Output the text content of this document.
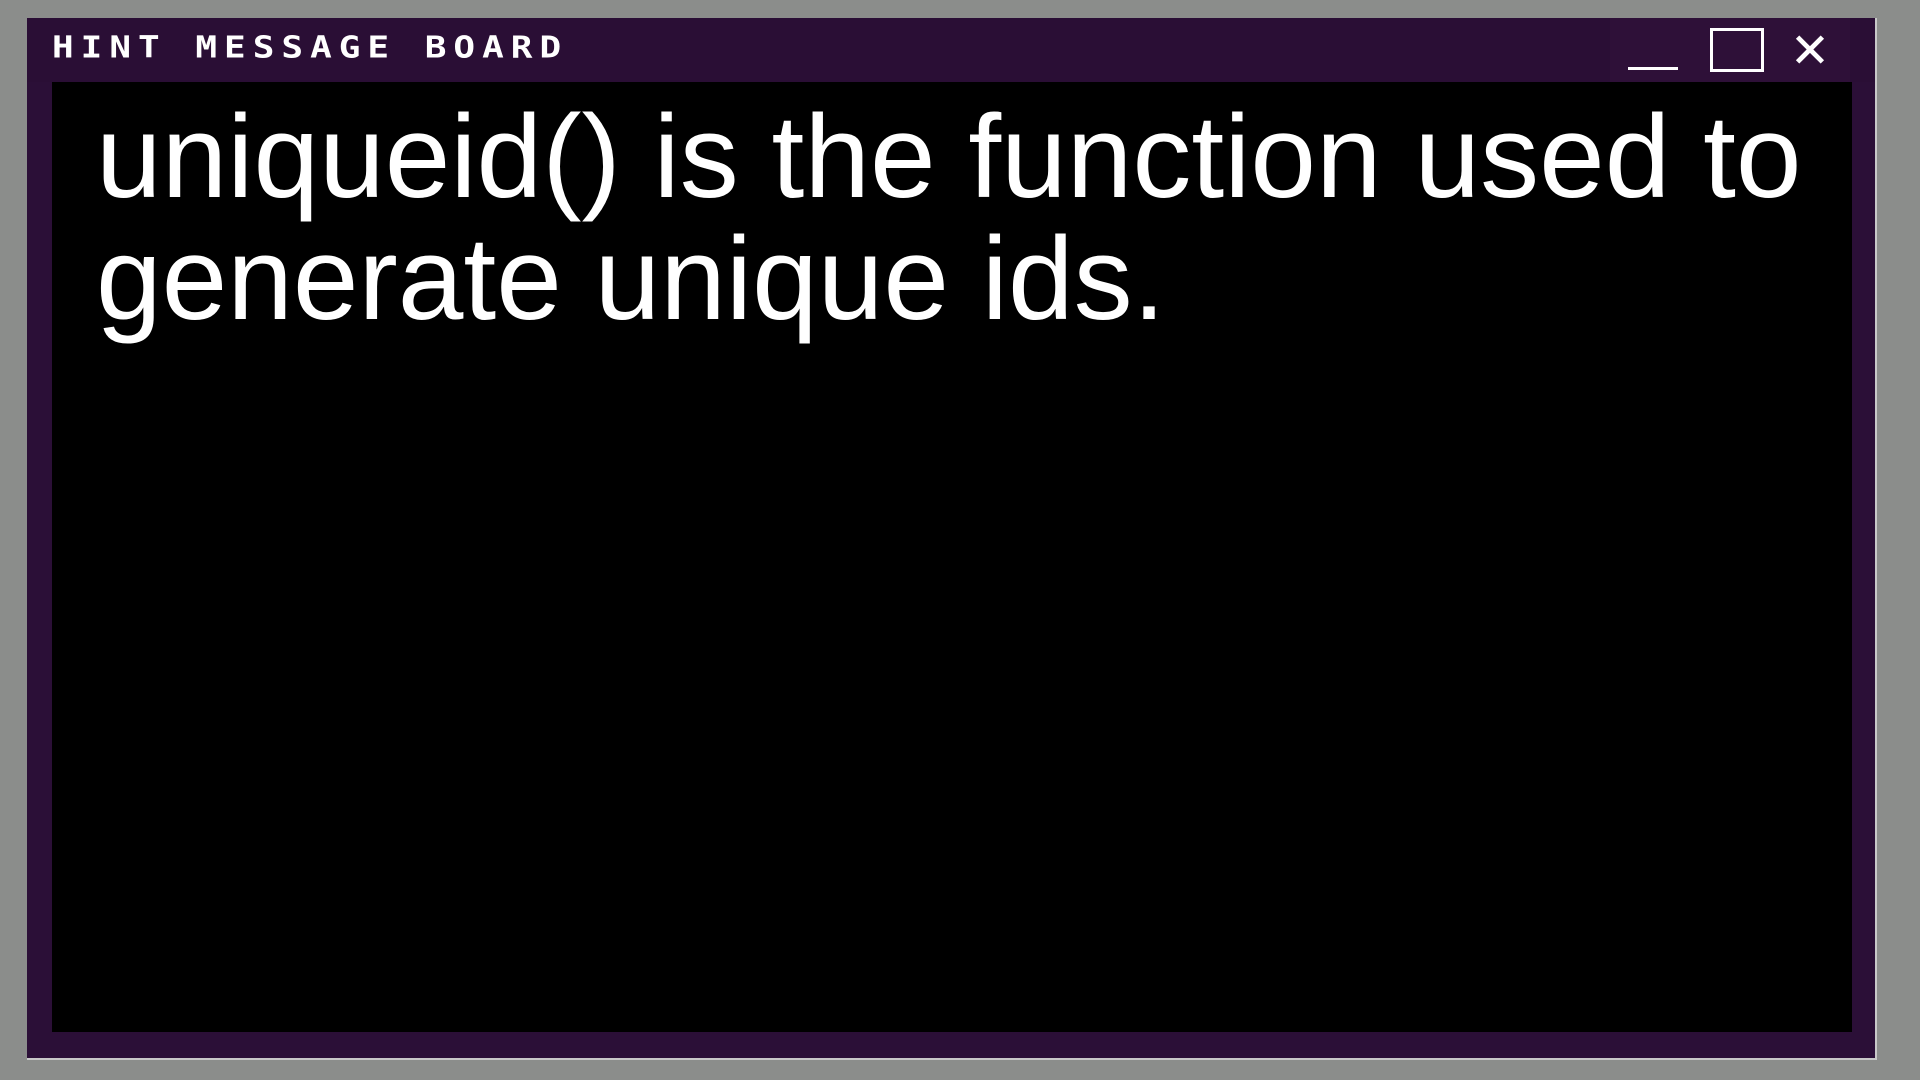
HINT MESSAGE BOARD	✕

uniqueid() is the function used to generate unique ids.
